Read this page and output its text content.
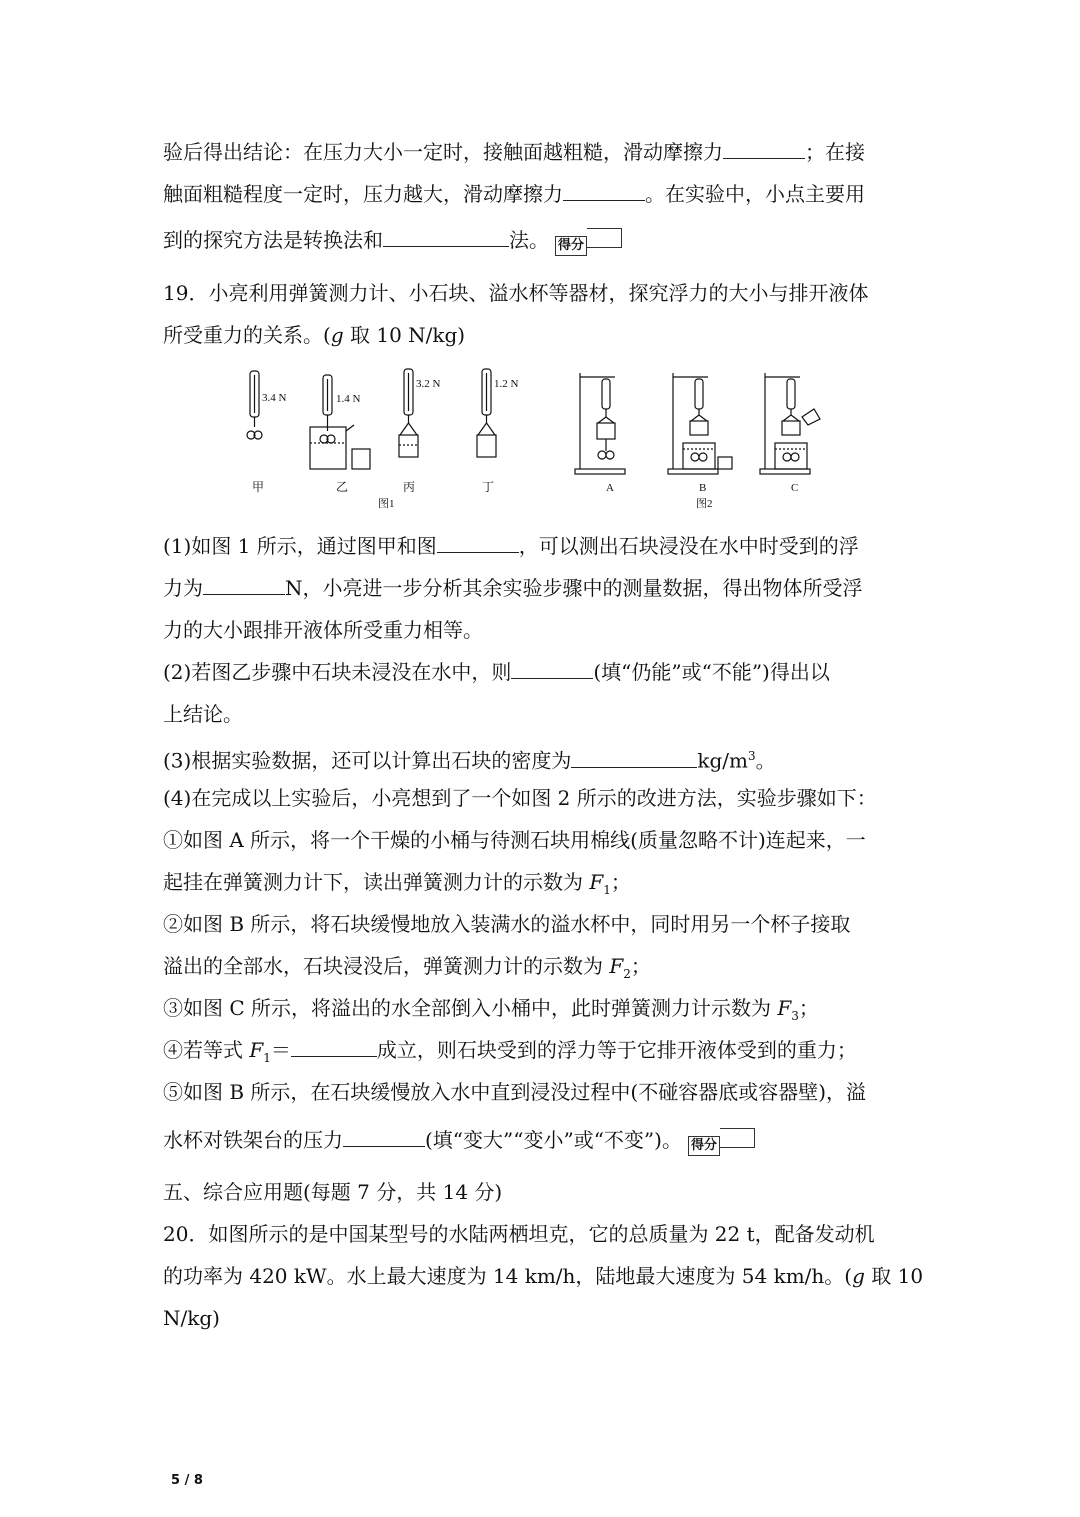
验后得出结论：在压力大小一定时，接触面越粗糙，滑动摩擦力	；在接
触面粗糙程度一定时，压力越大，滑动摩擦力	。在实验中，小点主要用
到的探究方法是转换法和	法。 得分
19．小亮利用弹簧测力计、小石块、溢水杯等器材，探究浮力的大小与排开液体
所受重力的关系。(g 取 10 N/kg)
3.4 N	1.4 N
3.2 N	1.2 N
甲	乙	丙	丁
图1
A	B	C
图2
(1)如图 1 所示，通过图甲和图	，可以测出石块浸没在水中时受到的浮
力为	N，小亮进一步分析其余实验步骤中的测量数据，得出物体所受浮
力的大小跟排开液体所受重力相等。
(2)若图乙步骤中石块未浸没在水中，则	(填“仍能”或“不能”)得出以
上结论。
(3)根据实验数据，还可以计算出石块的密度为	$kg/m^3$。
(4)在完成以上实验后，小亮想到了一个如图 2 所示的改进方法，实验步骤如下：
①如图 A 所示，将一个干燥的小桶与待测石块用棉线(质量忽略不计)连起来，一
起挂在弹簧测力计下，读出弹簧测力计的示数为 $F_1$；
②如图 B 所示，将石块缓慢地放入装满水的溢水杯中，同时用另一个杯子接取
溢出的全部水，石块浸没后，弹簧测力计的示数为 $F_2$；
③如图 C 所示，将溢出的水全部倒入小桶中，此时弹簧测力计示数为 $F_3$；
④若等式 $F_1=$	成立，则石块受到的浮力等于它排开液体受到的重力；
⑤如图 B 所示，在石块缓慢放入水中直到浸没过程中(不碰容器底或容器壁)，溢
水杯对铁架台的压力	(填“变大”“变小”或“不变”)。 得分
五、综合应用题(每题 7 分，共 14 分)
20．如图所示的是中国某型号的水陆两栖坦克，它的总质量为 22 t，配备发动机
的功率为 420 kW。水上最大速度为 14 km/h，陆地最大速度为 54 km/h。(g 取 10
N/kg)
5 / 8
